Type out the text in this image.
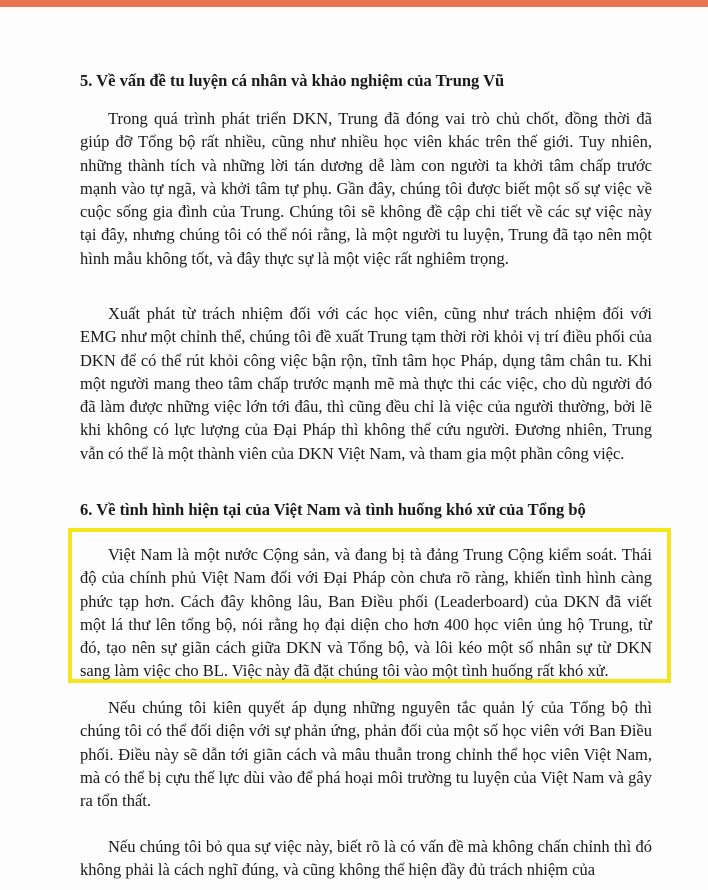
5. Về vấn đề tu luyện cá nhân và khảo nghiệm của Trung Vũ

Trong quá trình phát triển DKN, Trung đã đóng vai trò chủ chốt, đồng thời đã giúp đỡ Tổng bộ rất nhiều, cũng như nhiều học viên khác trên thế giới. Tuy nhiên, những thành tích và những lời tán dương dễ làm con người ta khởi tâm chấp trước mạnh vào tự ngã, và khởi tâm tự phụ. Gần đây, chúng tôi được biết một số sự việc về cuộc sống gia đình của Trung. Chúng tôi sẽ không đề cập chi tiết về các sự việc này tại đây, nhưng chúng tôi có thể nói rằng, là một người tu luyện, Trung đã tạo nên một hình mẫu không tốt, và đây thực sự là một việc rất nghiêm trọng.

Xuất phát từ trách nhiệm đối với các học viên, cũng như trách nhiệm đối với EMG như một chỉnh thể, chúng tôi đề xuất Trung tạm thời rời khỏi vị trí điều phối của DKN để có thể rút khỏi công việc bận rộn, tĩnh tâm học Pháp, dụng tâm chân tu. Khi một người mang theo tâm chấp trước mạnh mẽ mà thực thi các việc, cho dù người đó đã làm được những việc lớn tới đâu, thì cũng đều chỉ là việc của người thường, bởi lẽ khi không có lực lượng của Đại Pháp thì không thể cứu người. Đương nhiên, Trung vẫn có thể là một thành viên của DKN Việt Nam, và tham gia một phần công việc.

6. Về tình hình hiện tại của Việt Nam và tình huống khó xử của Tổng bộ

Việt Nam là một nước Cộng sản, và đang bị tà đảng Trung Cộng kiểm soát. Thái độ của chính phủ Việt Nam đối với Đại Pháp còn chưa rõ ràng, khiến tình hình càng phức tạp hơn. Cách đây không lâu, Ban Điều phối (Leaderboard) của DKN đã viết một lá thư lên tổng bộ, nói rằng họ đại diện cho hơn 400 học viên ủng hộ Trung, từ đó, tạo nên sự giãn cách giữa DKN và Tổng bộ, và lôi kéo một số nhân sự từ DKN sang làm việc cho BL. Việc này đã đặt chúng tôi vào một tình huống rất khó xử.

Nếu chúng tôi kiên quyết áp dụng những nguyên tắc quản lý của Tổng bộ thì chúng tôi có thể đối diện với sự phản ứng, phản đối của một số học viên với Ban Điều phối. Điều này sẽ dẫn tới giãn cách và mâu thuẫn trong chỉnh thể học viên Việt Nam, mà có thể bị cựu thế lực dùi vào để phá hoại môi trường tu luyện của Việt Nam và gây ra tổn thất.

Nếu chúng tôi bỏ qua sự việc này, biết rõ là có vấn đề mà không chấn chỉnh thì đó không phải là cách nghĩ đúng, và cũng không thể hiện đầy đủ trách nhiệm của
